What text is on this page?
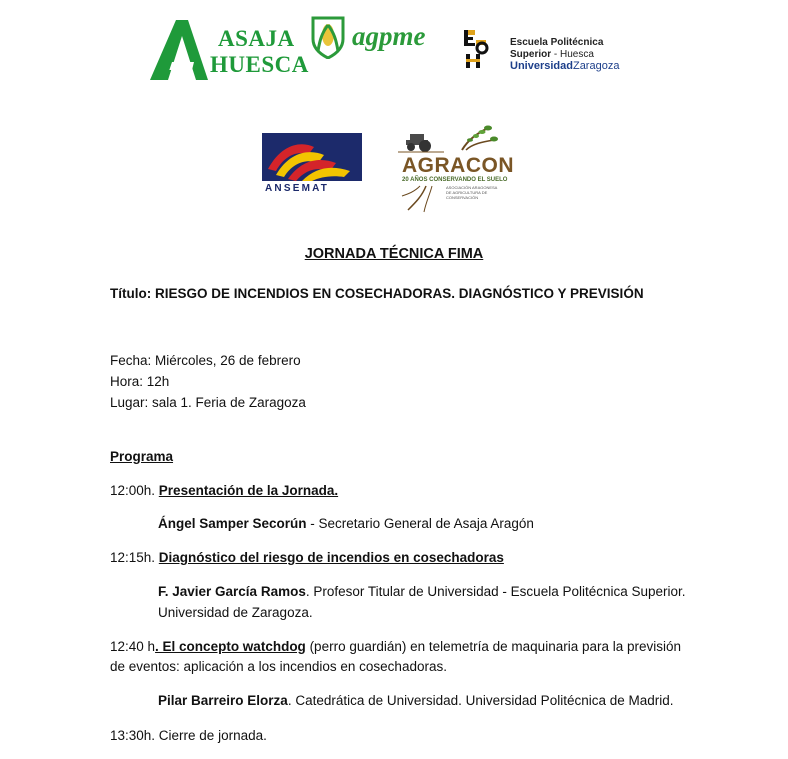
ASAJA
HUESCA
agpme	Escuela Politécnica
Superior - Huesca
UniversidadZaragoza
ANSEMAT
AGRACON
20 AÑOS CONSERVANDO EL SUELO
ASOCIACIÓN ARAGONESA DE AGRICULTURA DE CONSERVACIÓN
JORNADA TÉCNICA FIMA
Título: RIESGO DE INCENDIOS EN COSECHADORAS. DIAGNÓSTICO Y PREVISIÓN
Fecha: Miércoles, 26 de febrero
Hora: 12h
Lugar: sala 1. Feria de Zaragoza
Programa
12:00h. Presentación de la Jornada.
Ángel Samper Secorún - Secretario General de Asaja Aragón
12:15h. Diagnóstico del riesgo de incendios en cosechadoras
F. Javier García Ramos. Profesor Titular de Universidad - Escuela Politécnica Superior.
Universidad de Zaragoza.
12:40 h. El concepto watchdog (perro guardián) en telemetría de maquinaria para la previsión
de eventos: aplicación a los incendios en cosechadoras.
Pilar Barreiro Elorza. Catedrática de Universidad. Universidad Politécnica de Madrid.
13:30h. Cierre de jornada.
